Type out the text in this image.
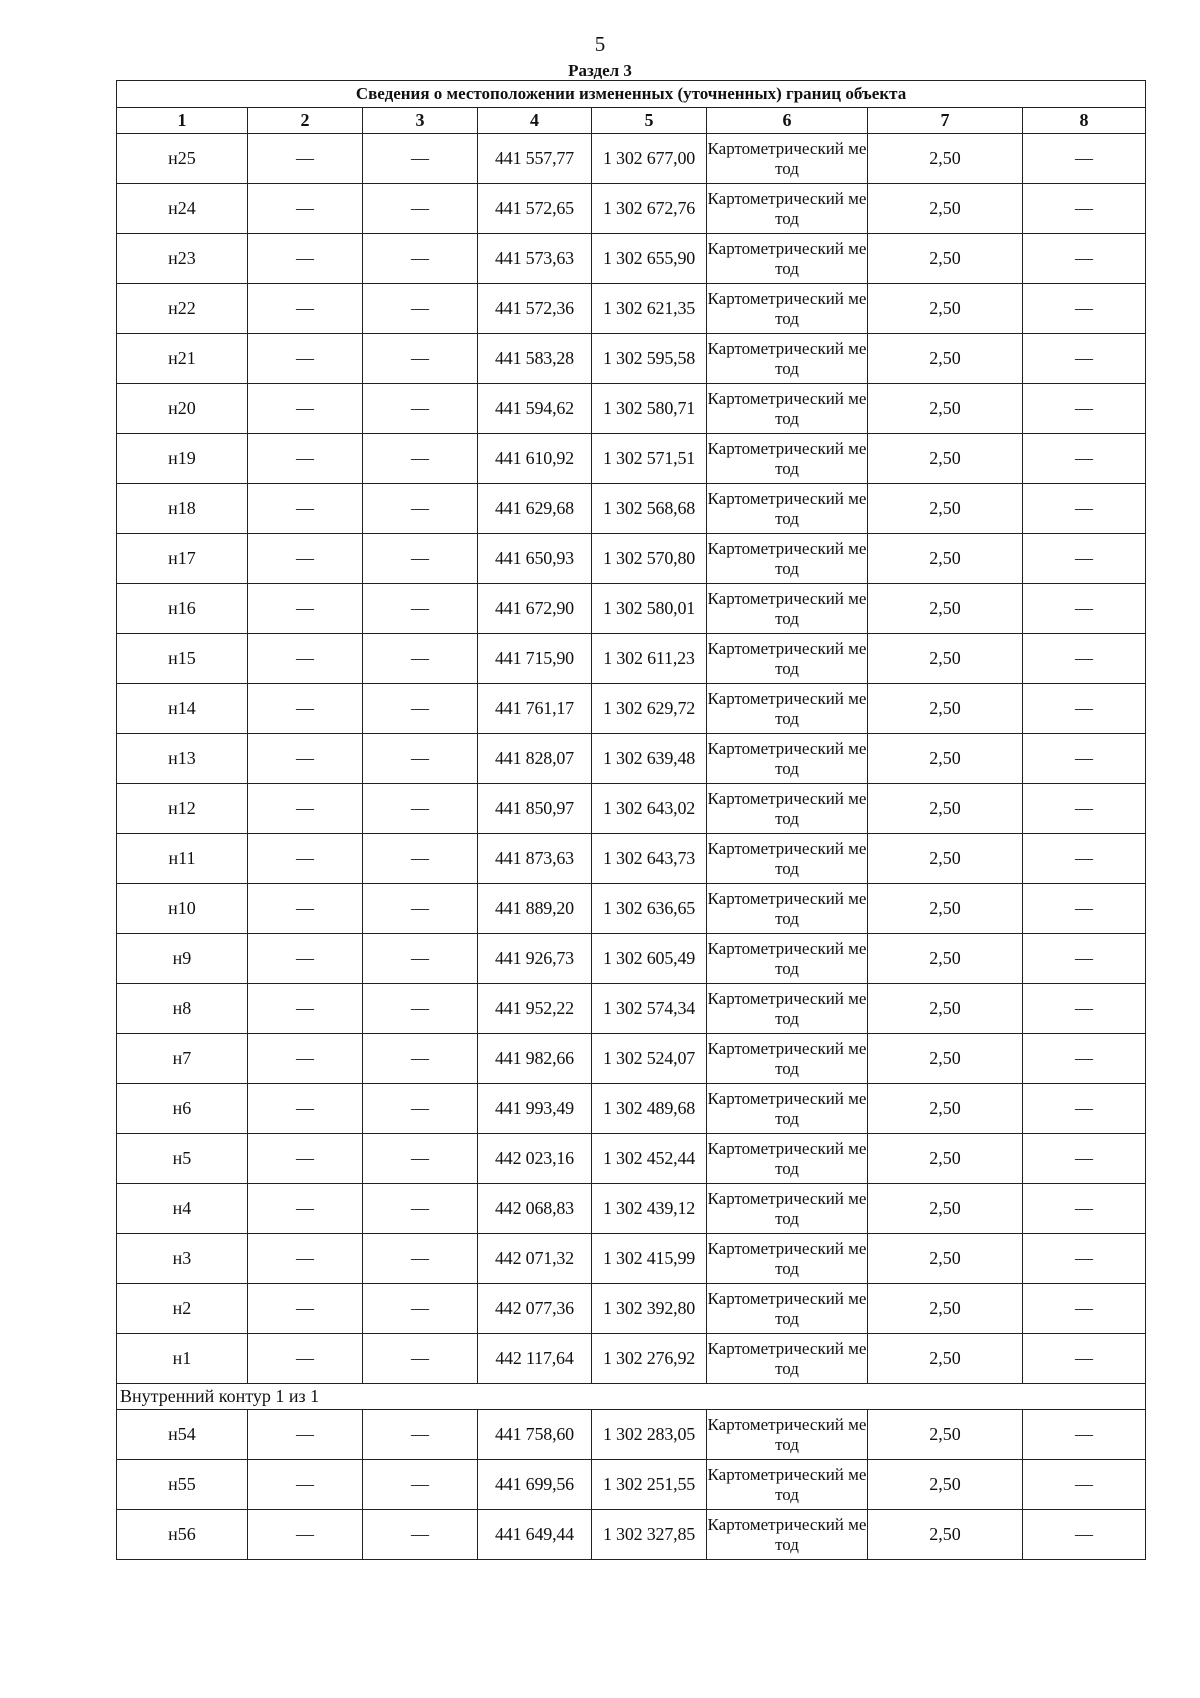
5
Раздел 3
Сведения о местоположении измененных (уточненных) границ объекта							
1	2	3	4	5	6	7	8
н25	—	—	441 557,77	1 302 677,00	Картометрический метод	2,50	—
н24	—	—	441 572,65	1 302 672,76	Картометрический метод	2,50	—
н23	—	—	441 573,63	1 302 655,90	Картометрический метод	2,50	—
н22	—	—	441 572,36	1 302 621,35	Картометрический метод	2,50	—
н21	—	—	441 583,28	1 302 595,58	Картометрический метод	2,50	—
н20	—	—	441 594,62	1 302 580,71	Картометрический метод	2,50	—
н19	—	—	441 610,92	1 302 571,51	Картометрический метод	2,50	—
н18	—	—	441 629,68	1 302 568,68	Картометрический метод	2,50	—
н17	—	—	441 650,93	1 302 570,80	Картометрический метод	2,50	—
н16	—	—	441 672,90	1 302 580,01	Картометрический метод	2,50	—
н15	—	—	441 715,90	1 302 611,23	Картометрический метод	2,50	—
н14	—	—	441 761,17	1 302 629,72	Картометрический метод	2,50	—
н13	—	—	441 828,07	1 302 639,48	Картометрический метод	2,50	—
н12	—	—	441 850,97	1 302 643,02	Картометрический метод	2,50	—
н11	—	—	441 873,63	1 302 643,73	Картометрический метод	2,50	—
н10	—	—	441 889,20	1 302 636,65	Картометрический метод	2,50	—
н9	—	—	441 926,73	1 302 605,49	Картометрический метод	2,50	—
н8	—	—	441 952,22	1 302 574,34	Картометрический метод	2,50	—
н7	—	—	441 982,66	1 302 524,07	Картометрический метод	2,50	—
н6	—	—	441 993,49	1 302 489,68	Картометрический метод	2,50	—
н5	—	—	442 023,16	1 302 452,44	Картометрический метод	2,50	—
н4	—	—	442 068,83	1 302 439,12	Картометрический метод	2,50	—
н3	—	—	442 071,32	1 302 415,99	Картометрический метод	2,50	—
н2	—	—	442 077,36	1 302 392,80	Картометрический метод	2,50	—
н1	—	—	442 117,64	1 302 276,92	Картометрический метод	2,50	—
Внутренний контур 1 из 1							
н54	—	—	441 758,60	1 302 283,05	Картометрический метод	2,50	—
н55	—	—	441 699,56	1 302 251,55	Картометрический метод	2,50	—
н56	—	—	441 649,44	1 302 327,85	Картометрический метод	2,50	—
